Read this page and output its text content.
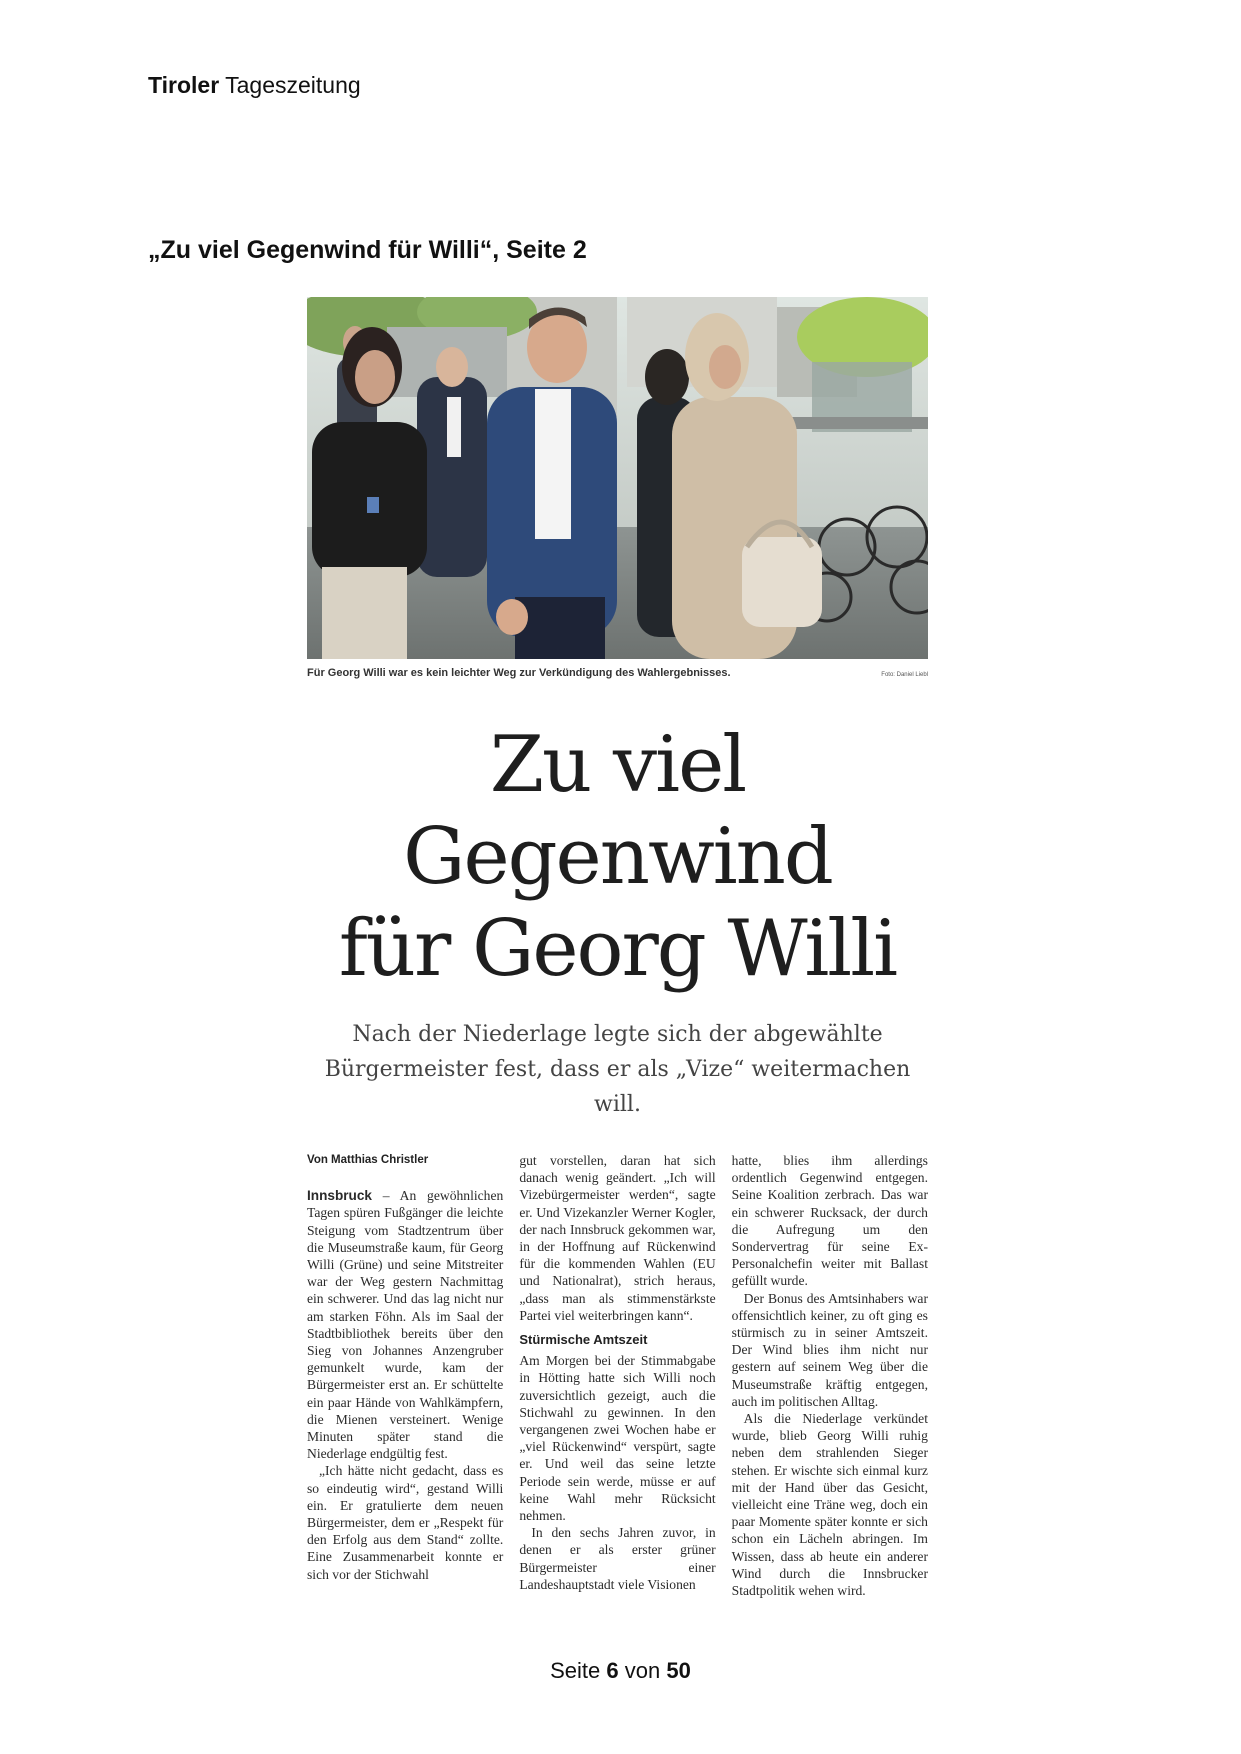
Tiroler Tageszeitung
„Zu viel Gegenwind für Willi“, Seite 2
Für Georg Willi war es kein leichter Weg zur Verkündigung des Wahlergebnisses.	Foto: Daniel Liebl
Zu viel Gegenwind
für Georg Willi
Nach der Niederlage legte sich der abgewählte
Bürgermeister fest, dass er als „Vize“ weitermachen will.
Von Matthias Christler

Innsbruck – An gewöhnlichen Tagen spüren Fußgänger die leichte Steigung vom Stadtzentrum über die Museumstraße kaum, für Georg Willi (Grüne) und seine Mitstreiter war der Weg gestern Nachmittag ein schwerer. Und das lag nicht nur am starken Föhn. Als im Saal der Stadtbibliothek bereits über den Sieg von Johannes Anzengruber gemunkelt wurde, kam der Bürgermeister erst an. Er schüttelte ein paar Hände von Wahlkämpfern, die Mienen versteinert. Wenige Minuten später stand die Niederlage endgültig fest.

„Ich hätte nicht gedacht, dass es so eindeutig wird“, gestand Willi ein. Er gratulierte dem neuen Bürgermeister, dem er „Respekt für den Erfolg aus dem Stand“ zollte. Eine Zusammenarbeit konnte er sich vor der Stichwahl

gut vorstellen, daran hat sich danach wenig geändert. „Ich will Vizebürgermeister werden“, sagte er. Und Vizekanzler Werner Kogler, der nach Innsbruck gekommen war, in der Hoffnung auf Rückenwind für die kommenden Wahlen (EU und Nationalrat), strich heraus, „dass man als stimmenstärkste Partei viel weiterbringen kann“.

Stürmische Amtszeit

Am Morgen bei der Stimmabgabe in Hötting hatte sich Willi noch zuversichtlich gezeigt, auch die Stichwahl zu gewinnen. In den vergangenen zwei Wochen habe er „viel Rückenwind“ verspürt, sagte er. Und weil das seine letzte Periode sein werde, müsse er auf keine Wahl mehr Rücksicht nehmen.

In den sechs Jahren zuvor, in denen er als erster grüner Bürgermeister einer Landeshauptstadt viele Visionen

hatte, blies ihm allerdings ordentlich Gegenwind entgegen. Seine Koalition zerbrach. Das war ein schwerer Rucksack, der durch die Aufregung um den Sondervertrag für seine Ex-Personalchefin weiter mit Ballast gefüllt wurde.

Der Bonus des Amtsinhabers war offensichtlich keiner, zu oft ging es stürmisch zu in seiner Amtszeit. Der Wind blies ihm nicht nur gestern auf seinem Weg über die Museumstraße kräftig entgegen, auch im politischen Alltag.

Als die Niederlage verkündet wurde, blieb Georg Willi ruhig neben dem strahlenden Sieger stehen. Er wischte sich einmal kurz mit der Hand über das Gesicht, vielleicht eine Träne weg, doch ein paar Momente später konnte er sich schon ein Lächeln abringen. Im Wissen, dass ab heute ein anderer Wind durch die Innsbrucker Stadtpolitik wehen wird.

Seite 6 von 50
